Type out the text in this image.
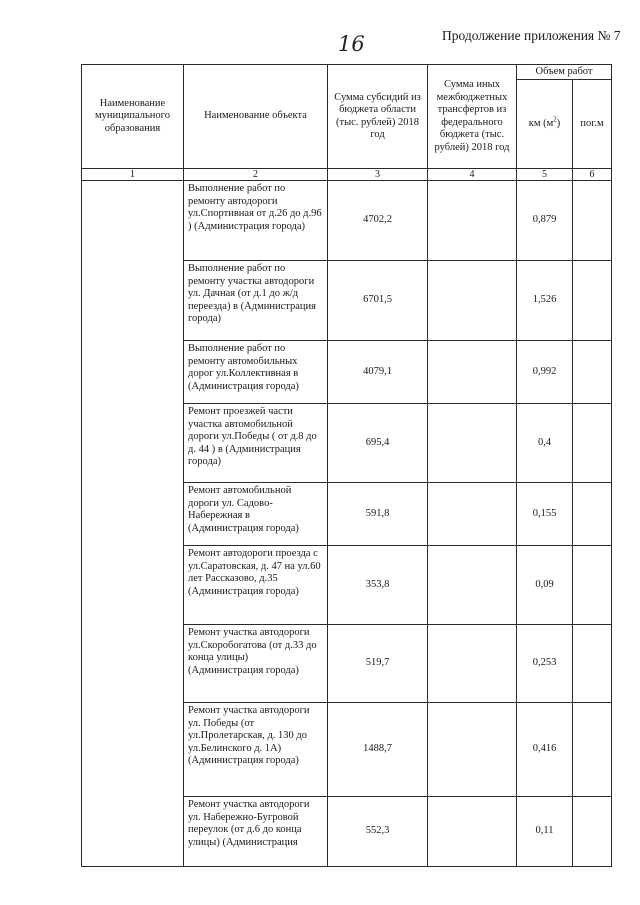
16	Продолжение приложения № 7
Наименование муниципального образования	Наименование объекта	Сумма субсидий из бюджета области (тыс. рублей) 2018 год	Сумма иных межбюджетных трансфертов из федерального бюджета (тыс. рублей) 2018 год	Объем работ	
				км $(м^2)$	пог.м
1	2	3	4	5	6
	Выполнение работ по ремонту автодороги ул.Спортивная от д.26 до д.96 ) (Администрация города)	4702,2		0,879	
	Выполнение работ по ремонту участка автодороги ул. Дачная (от д.1 до ж/д переезда) в (Администрация города)	6701,5		1,526	
	Выполнение работ по ремонту автомобильных дорог ул.Коллективная в (Администрация города)	4079,1		0,992	
	Ремонт проезжей части участка автомобильной дороги ул.Победы ( от д.8 до д. 44 ) в (Администрация города)	695,4		0,4	
	Ремонт автомобильной дороги ул. Садово-Набережная в (Администрация города)	591,8		0,155	
	Ремонт автодороги проезда с ул.Саратовская, д. 47 на ул.60 лет Рассказово, д.35 (Администрация города)	353,8		0,09	
	Ремонт участка автодороги ул.Скоробогатова (от д.33 до конца улицы) (Администрация города)	519,7		0,253	
	Ремонт участка автодороги ул. Победы (от ул.Пролетарская, д. 130 до ул.Белинского д. 1А) (Администрация города)	1488,7		0,416	
	Ремонт участка автодороги ул. Набережно-Бугровой переулок (от д.6 до конца улицы) (Администрация	552,3		0,11	
